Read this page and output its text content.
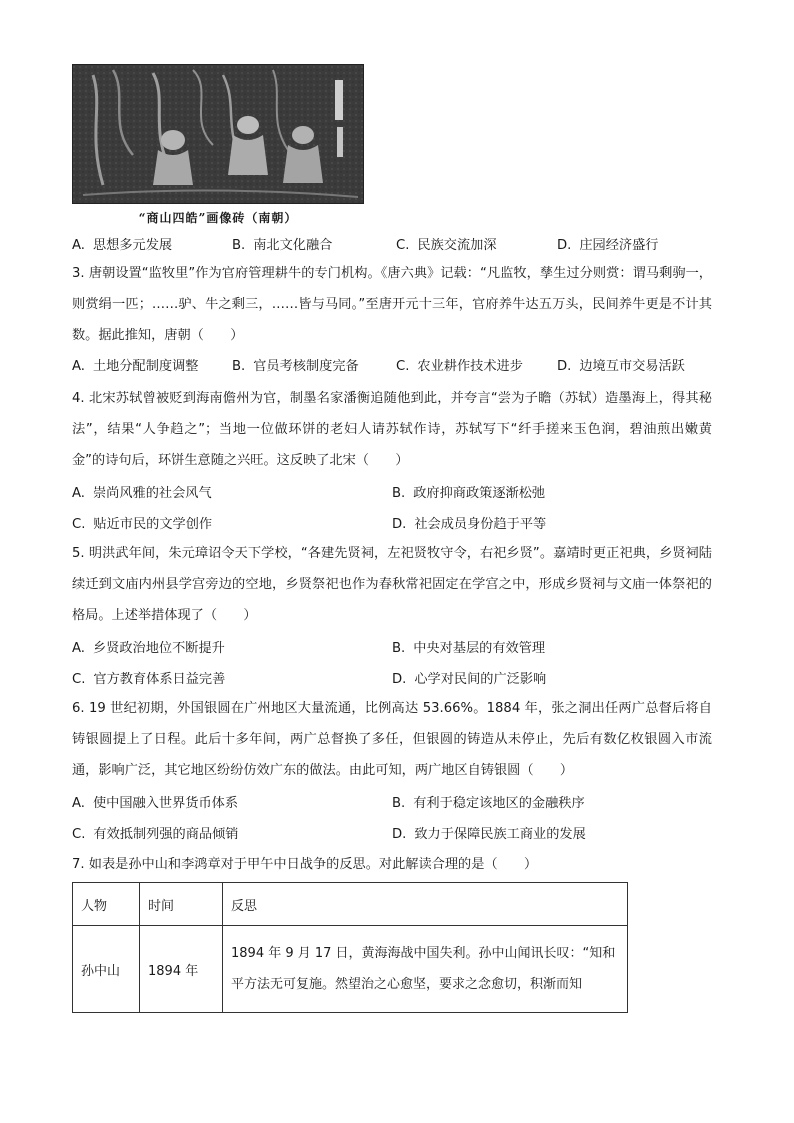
“商山四皓”画像砖（南朝）
A. 思想多元发展	B. 南北文化融合	C. 民族交流加深	D. 庄园经济盛行

3. 唐朝设置“监牧里”作为官府管理耕牛的专门机构。《唐六典》记载：“凡监牧，孳生过分则赏：谓马剩驹一，则赏绢一匹；……驴、牛之剩三，……皆与马同。”至唐开元十三年，官府养牛达五万头，民间养牛更是不计其数。据此推知，唐朝（　　）

A. 土地分配制度调整	B. 官员考核制度完备	C. 农业耕作技术进步	D. 边境互市交易活跃

4. 北宋苏轼曾被贬到海南儋州为官，制墨名家潘衡追随他到此，并夸言“尝为子瞻（苏轼）造墨海上，得其秘法”，结果“人争趋之”；当地一位做环饼的老妇人请苏轼作诗，苏轼写下“纤手搓来玉色润，碧油煎出嫩黄金”的诗句后，环饼生意随之兴旺。这反映了北宋（　　）

A. 崇尚风雅的社会风气	B. 政府抑商政策逐渐松弛
C. 贴近市民的文学创作	D. 社会成员身份趋于平等

5. 明洪武年间，朱元璋诏令天下学校，“各建先贤祠，左祀贤牧守令，右祀乡贤”。嘉靖时更正祀典，乡贤祠陆续迁到文庙内州县学宫旁边的空地，乡贤祭祀也作为春秋常祀固定在学宫之中，形成乡贤祠与文庙一体祭祀的格局。上述举措体现了（　　）

A. 乡贤政治地位不断提升	B. 中央对基层的有效管理
C. 官方教育体系日益完善	D. 心学对民间的广泛影响

6. 19 世纪初期，外国银圆在广州地区大量流通，比例高达 53.66%。1884 年，张之洞出任两广总督后将自铸银圆提上了日程。此后十多年间，两广总督换了多任，但银圆的铸造从未停止，先后有数亿枚银圆入市流通，影响广泛，其它地区纷纷仿效广东的做法。由此可知，两广地区自铸银圆（　　）

A. 使中国融入世界货币体系	B. 有利于稳定该地区的金融秩序
C. 有效抵制列强的商品倾销	D. 致力于保障民族工商业的发展

7. 如表是孙中山和李鸿章对于甲午中日战争的反思。对此解读合理的是（　　）

人物	时间	反思
孙中山	1894 年	1894 年 9 月 17 日，黄海海战中国失利。孙中山闻讯长叹：“知和平方法无可复施。然望治之心愈坚，要求之念愈切，积渐而知
